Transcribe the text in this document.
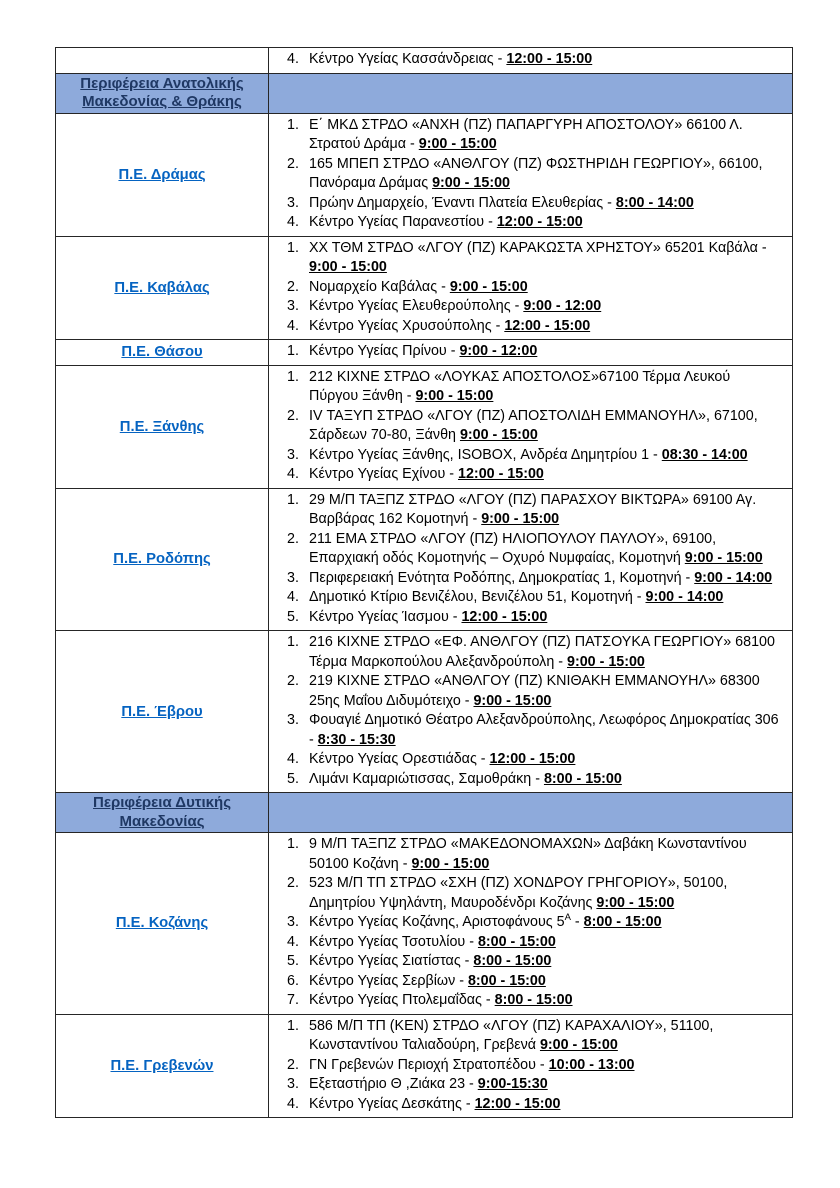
	4. Κέντρο Υγείας Κασσάνδρειας - 12:00 - 15:00

Περιφέρεια Ανατολικής
Μακεδονίας & Θράκης	

Π.Ε. Δράμας	
1. Ε΄ ΜΚΔ ΣΤΡΔΟ «ΑΝΧΗ (ΠΖ) ΠΑΠΑΡΓΥΡΗ ΑΠΟΣΤΟΛΟΥ» 66100 Λ. Στρατού Δράμα - 9:00 - 15:00
2. 165 ΜΠΕΠ ΣΤΡΔΟ «ΑΝΘΛΓΟΥ (ΠΖ) ΦΩΣΤΗΡΙΔΗ ΓΕΩΡΓΙΟΥ», 66100, Πανόραμα Δράμας 9:00 - 15:00
3. Πρώην Δημαρχείο, Έναντι Πλατεία Ελευθερίας - 8:00 - 14:00
4. Κέντρο Υγείας Παρανεστίου - 12:00 - 15:00

Π.Ε. Καβάλας	
1. ΧΧ ΤΘΜ ΣΤΡΔΟ «ΛΓΟΥ (ΠΖ) ΚΑΡΑΚΩΣΤΑ ΧΡΗΣΤΟΥ» 65201 Καβάλα - 9:00 - 15:00
2. Νομαρχείο Καβάλας - 9:00 - 15:00
3. Κέντρο Υγείας Ελευθερούπολης - 9:00 - 12:00
4. Κέντρο Υγείας Χρυσούπολης - 12:00 - 15:00

Π.Ε. Θάσου	1. Κέντρο Υγείας Πρίνου - 9:00 - 12:00

Π.Ε. Ξάνθης	
1. 212 ΚΙΧΝΕ ΣΤΡΔΟ «ΛΟΥΚΑΣ ΑΠΟΣΤΟΛΟΣ»67100 Τέρμα Λευκού Πύργου Ξάνθη - 9:00 - 15:00
2. IV ΤΑΞΥΠ ΣΤΡΔΟ «ΛΓΟΥ (ΠΖ) ΑΠΟΣΤΟΛΙΔΗ ΕΜΜΑΝΟΥΗΛ», 67100, Σάρδεων 70-80, Ξάνθη 9:00 - 15:00
3. Κέντρο Υγείας Ξάνθης, ISOBOX, Ανδρέα Δημητρίου 1 - 08:30 - 14:00
4. Κέντρο Υγείας Εχίνου - 12:00 - 15:00

Π.Ε. Ροδόπης	
1. 29 Μ/Π ΤΑΞΠΖ ΣΤΡΔΟ «ΛΓΟΥ (ΠΖ) ΠΑΡΑΣΧΟΥ ΒΙΚΤΩΡΑ» 69100 Αγ. Βαρβάρας 162 Κομοτηνή - 9:00 - 15:00
2. 211 ΕΜΑ ΣΤΡΔΟ «ΛΓΟΥ (ΠΖ) ΗΛΙΟΠΟΥΛΟΥ ΠΑΥΛΟΥ», 69100, Επαρχιακή οδός Κομοτηνής – Οχυρό Νυμφαίας, Κομοτηνή 9:00 - 15:00
3. Περιφερειακή Ενότητα Ροδόπης, Δημοκρατίας 1, Κομοτηνή - 9:00 - 14:00
4. Δημοτικό Κτίριο Βενιζέλου, Βενιζέλου 51, Κομοτηνή - 9:00 - 14:00
5. Κέντρο Υγείας Ίασμου - 12:00 - 15:00

Π.Ε. Έβρου	
1. 216 ΚΙΧΝΕ ΣΤΡΔΟ «ΕΦ. ΑΝΘΛΓΟΥ (ΠΖ) ΠΑΤΣΟΥΚΑ ΓΕΩΡΓΙΟΥ» 68100 Τέρμα Μαρκοπούλου Αλεξανδρούπολη - 9:00 - 15:00
2. 219 ΚΙΧΝΕ ΣΤΡΔΟ «ΑΝΘΛΓΟΥ (ΠΖ) ΚΝΙΘΑΚΗ ΕΜΜΑΝΟΥΗΛ» 68300 25ης Μαΐου Διδυμότειχο - 9:00 - 15:00
3. Φουαγιέ Δημοτικό Θέατρο Αλεξανδρούπολης, Λεωφόρος Δημοκρατίας 306 - 8:30 - 15:30
4. Κέντρο Υγείας Ορεστιάδας - 12:00 - 15:00
5. Λιμάνι Καμαριώτισσας, Σαμοθράκη - 8:00 - 15:00

Περιφέρεια Δυτικής
Μακεδονίας	

Π.Ε. Κοζάνης	
1. 9 Μ/Π ΤΑΞΠΖ ΣΤΡΔΟ «ΜΑΚΕΔΟΝΟΜΑΧΩΝ» Δαβάκη Κωνσταντίνου 50100 Κοζάνη - 9:00 - 15:00
2. 523 Μ/Π ΤΠ ΣΤΡΔΟ «ΣΧΗ (ΠΖ) ΧΟΝΔΡΟΥ ΓΡΗΓΟΡΙΟΥ», 50100, Δημητρίου Υψηλάντη, Μαυροδένδρι Κοζάνης 9:00 - 15:00
3. Κέντρο Υγείας Κοζάνης, Αριστοφάνους $5^A$ - 8:00 - 15:00
4. Κέντρο Υγείας Τσοτυλίου - 8:00 - 15:00
5. Κέντρο Υγείας Σιατίστας - 8:00 - 15:00
6. Κέντρο Υγείας Σερβίων - 8:00 - 15:00
7. Κέντρο Υγείας Πτολεμαΐδας - 8:00 - 15:00

Π.Ε. Γρεβενών	
1. 586 Μ/Π ΤΠ (ΚΕΝ) ΣΤΡΔΟ «ΛΓΟΥ (ΠΖ) ΚΑΡΑΧΑΛΙΟΥ», 51100, Κωνσταντίνου Ταλιαδούρη, Γρεβενά 9:00 - 15:00
2. ΓΝ Γρεβενών Περιοχή Στρατοπέδου - 10:00 - 13:00
3. Εξεταστήριο Θ ,Ζιάκα 23 - 9:00-15:30
4. Κέντρο Υγείας Δεσκάτης - 12:00 - 15:00
